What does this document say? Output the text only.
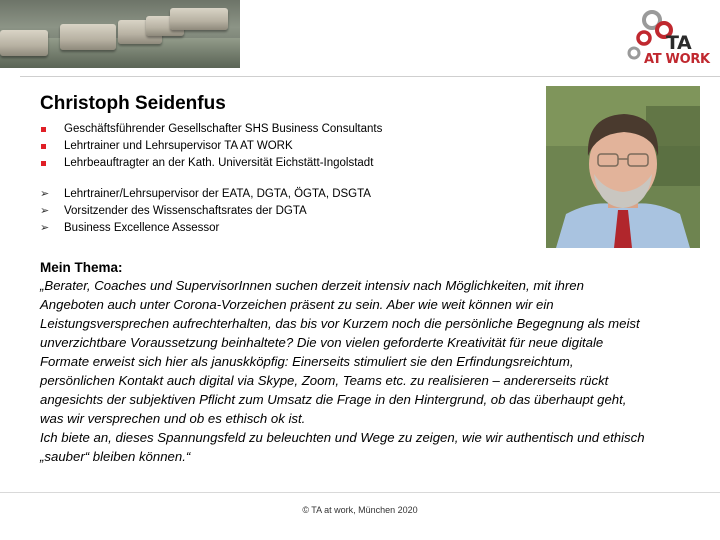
TA
AT WORK
Christoph Seidenfus
Geschäftsführender Gesellschafter SHS Business Consultants
Lehrtrainer und Lehrsupervisor TA AT WORK
Lehrbeauftragter an der Kath. Universität Eichstätt-Ingolstadt
➢ Lehrtrainer/Lehrsupervisor der EATA, DGTA, ÖGTA, DSGTA
➢ Vorsitzender des Wissenschaftsrates der DGTA
➢ Business Excellence Assessor
Mein Thema:
„Berater, Coaches und SupervisorInnen suchen derzeit intensiv nach Möglichkeiten, mit ihren
Angeboten auch unter Corona-Vorzeichen präsent zu sein. Aber wie weit können wir ein
Leistungsversprechen aufrechterhalten, das bis vor Kurzem noch die persönliche Begegnung als meist
unverzichtbare Voraussetzung beinhaltete? Die von vielen geforderte Kreativität für neue digitale
Formate erweist sich hier als januskköpfig: Einerseits stimuliert sie den Erfindungsreichtum,
persönlichen Kontakt auch digital via Skype, Zoom, Teams etc. zu realisieren – andererseits rückt
angesichts der subjektiven Pflicht zum Umsatz die Frage in den Hintergrund, ob das überhaupt geht,
was wir versprechen und ob es ethisch ok ist.
Ich biete an, dieses Spannungsfeld zu beleuchten und Wege zu zeigen, wie wir authentisch und ethisch
„sauber“ bleiben können.“
© TA at work, München 2020
